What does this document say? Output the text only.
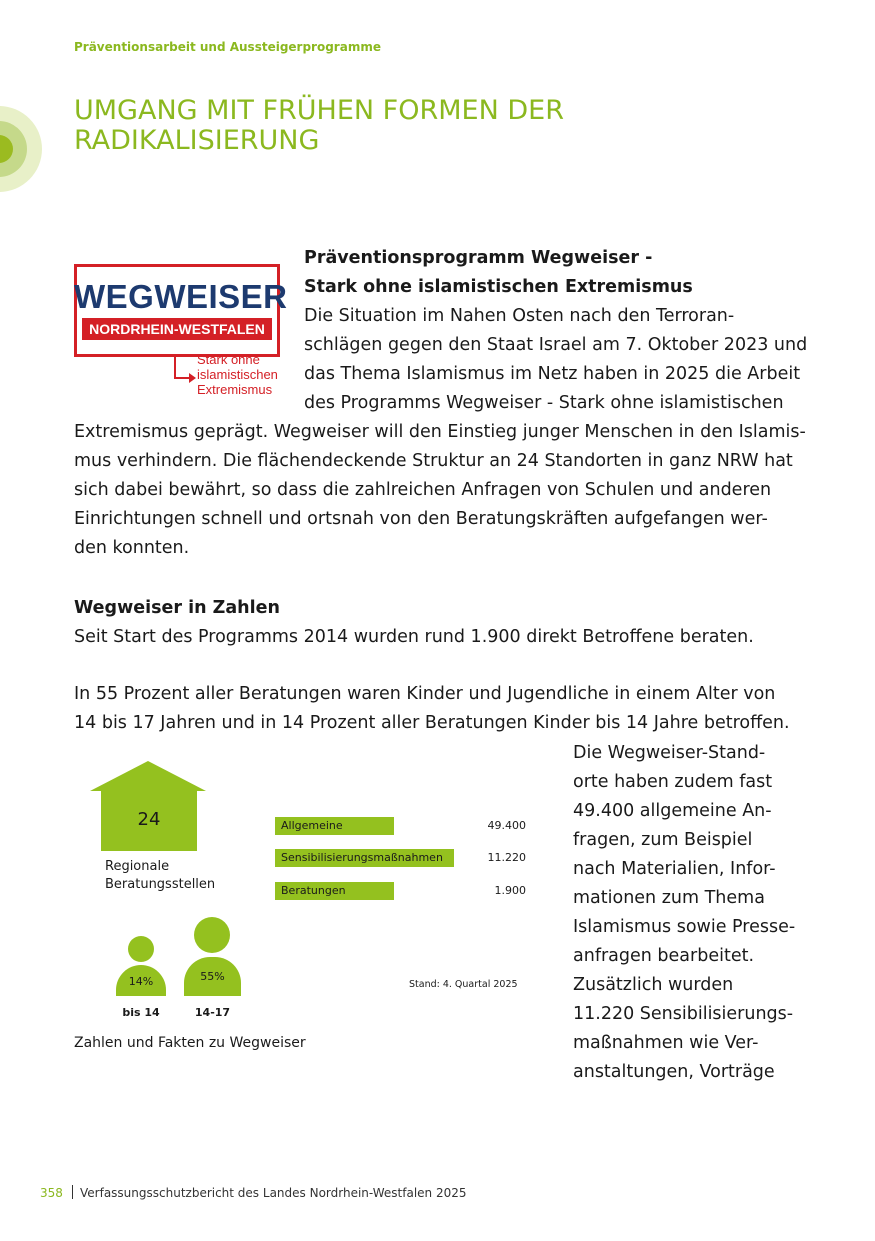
Präventionsarbeit und Aussteigerprogramme
UMGANG MIT FRÜHEN FORMEN DER RADIKALISIERUNG
WEGWEISER
NORDRHEIN-WESTFALEN
Stark ohne
islamistischen
Extremismus
Präventionsprogramm Wegweiser -
Stark ohne islamistischen Extremismus
Die Situation im Nahen Osten nach den Terroran-
schlägen gegen den Staat Israel am 7. Oktober 2023 und
das Thema Islamismus im Netz haben in 2025 die Arbeit
des Programms Wegweiser - Stark ohne islamistischen
Extremismus geprägt. Wegweiser will den Einstieg junger Menschen in den Islamis-
mus verhindern. Die flächendeckende Struktur an 24 Standorten in ganz NRW hat
sich dabei bewährt, so dass die zahlreichen Anfragen von Schulen und anderen
Einrichtungen schnell und ortsnah von den Beratungskräften aufgefangen wer-
den konnten.
Wegweiser in Zahlen
Seit Start des Programms 2014 wurden rund 1.900 direkt Betroffene beraten.
In 55 Prozent aller Beratungen waren Kinder und Jugendliche in einem Alter von
14 bis 17 Jahren und in 14 Prozent aller Beratungen Kinder bis 14 Jahre betroffen.
Die Wegweiser-Stand-
orte haben zudem fast
49.400 allgemeine An-
fragen, zum Beispiel
nach Materialien, Infor-
mationen zum Thema
Islamismus sowie Presse-
anfragen bearbeitet.
Zusätzlich wurden
11.220 Sensibilisierungs-
maßnahmen wie Ver-
anstaltungen, Vorträge
24
Regionale
Beratungsstellen
Allgemeine	49.400
Sensibilisierungsmaßnahmen	11.220
Beratungen	1.900
14%
bis 14
55%
14-17
Stand: 4. Quartal 2025
Zahlen und Fakten zu Wegweiser
358 Verfassungsschutzbericht des Landes Nordrhein-Westfalen 2025
